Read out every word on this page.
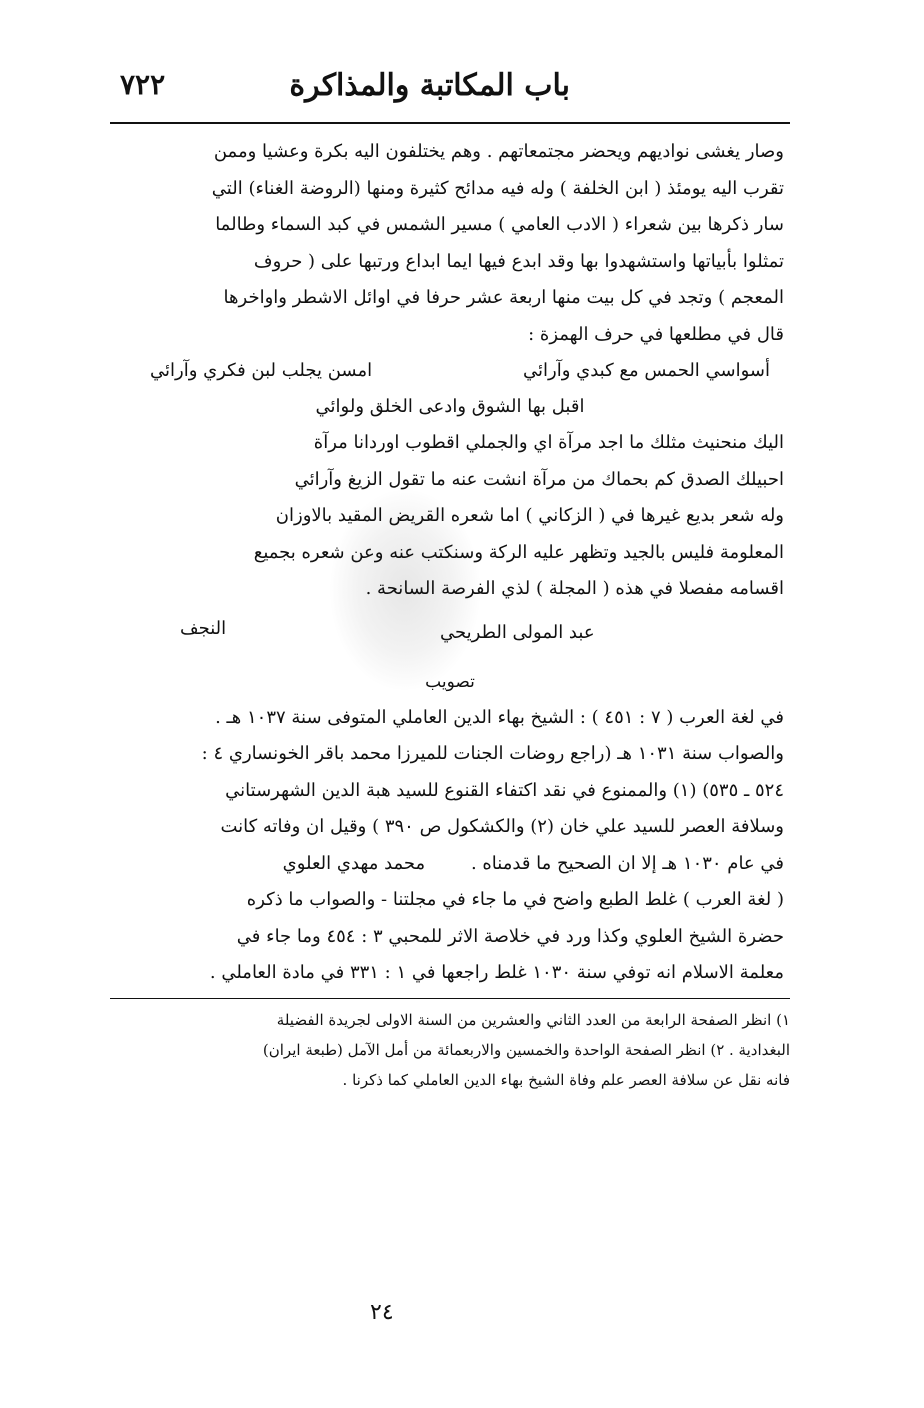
باب المكاتبة والمذاكرة
٧٢٢

وصار يغشى نواديهم ويحضر مجتمعاتهم . وهم يختلفون اليه بكرة وعشيا وممن

تقرب اليه يومئذ ( ابن الخلفة ) وله فيه مدائح كثيرة ومنها (الروضة الغناء) التي

سار ذكرها بين شعراء ( الادب العامي ) مسير الشمس في كبد السماء وطالما

تمثلوا بأبياتها واستشهدوا بها وقد ابدع فيها ايما ابداع ورتبها على ( حروف

المعجم ) وتجد في كل بيت منها اربعة عشر حرفا في اوائل الاشطر واواخرها

قال في مطلعها في حرف الهمزة :

أسواسي الحمس مع كبدي وآرائي
امسن يجلب لبن فكري وآرائي
اقبل بها الشوق وادعى الخلق ولوائي

اليك منحنيث مثلك ما اجد مرآة اي والجملي اقطوب اوردانا مرآة

احبيلك الصدق كم بحماك من مرآة انشت عنه ما تقول الزيغ وآرائي

وله شعر بديع غيرها في ( الزكاني ) اما شعره القريض المقيد بالاوزان

المعلومة فليس بالجيد وتظهر عليه الركة وسنكتب عنه وعن شعره بجميع

اقسامه مفصلا في هذه ( المجلة ) لذي الفرصة السانحة .

النجف	عبد المولى الطريحي
تصويب

في لغة العرب ( ٧ : ٤٥١ ) : الشيخ بهاء الدين العاملي المتوفى سنة ١٠٣٧ هـ .

والصواب سنة ١٠٣١ هـ (راجع روضات الجنات للميرزا محمد باقر الخونساري ٤ :

٥٢٤ ـ ٥٣٥) (١) والممنوع في نقد اكتفاء القنوع للسيد هبة الدين الشهرستاني

وسلافة العصر للسيد علي خان (٢) والكشكول ص ٣٩٠ ) وقيل ان وفاته كانت

في عام ١٠٣٠ هـ إلا ان الصحيح ما قدمناه . محمد مهدي العلوي

( لغة العرب ) غلط الطبع واضح في ما جاء في مجلتنا - والصواب ما ذكره

حضرة الشيخ العلوي وكذا ورد في خلاصة الاثر للمحبي ٣ : ٤٥٤ وما جاء في

معلمة الاسلام انه توفي سنة ١٠٣٠ غلط راجعها في ١ : ٣٣١ في مادة العاملي .

١) انظر الصفحة الرابعة من العدد الثاني والعشرين من السنة الاولى لجريدة الفضيلة

البغدادية . ٢) انظر الصفحة الواحدة والخمسين والاربعمائة من أمل الآمل (طبعة ايران)

فانه نقل عن سلافة العصر علم وفاة الشيخ بهاء الدين العاملي كما ذكرنا .

٢٤
